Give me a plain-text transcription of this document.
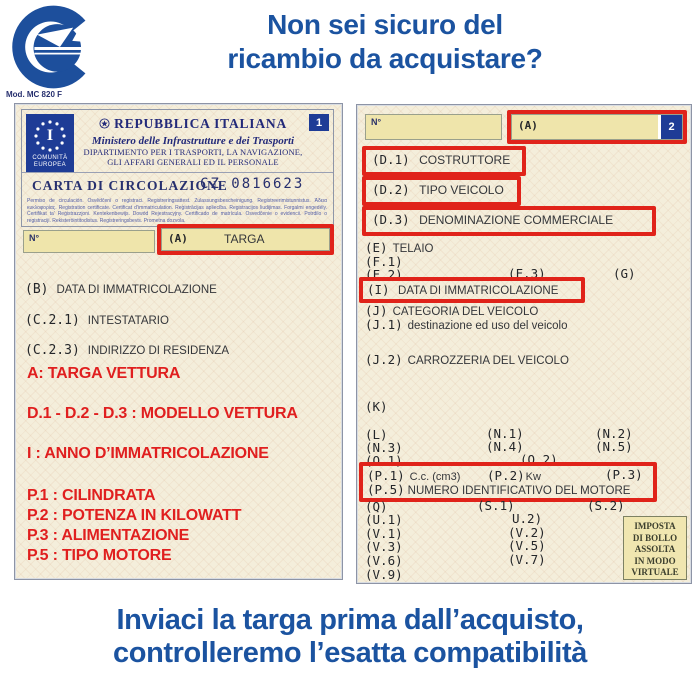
Non sei sicuro del
ricambio da acquistare?
Mod. MC 820 F
I
COMUNITÀ
EUROPEA
1
REPUBBLICA ITALIANA
Ministero delle Infrastrutture e dei Trasporti
DIPARTIMENTO PER I TRASPORTI, LA NAVIGAZIONE,
GLI AFFARI GENERALI ED IL PERSONALE
CARTA DI CIRCOLAZIONE
CZ 0816623
Permiso de circulación. Osvědčení o registraci. Registreringsattest. Zulassungsbescheinigung. Registreerimistunnistus. Άδεια κυκλοφορίας. Registration certificate. Certificat d’immatriculation. Reģistrācijas apliecība. Registracijos liudijimas. Forgalmi engedély. Ċertifikat ta’ Reġistrazzjoni. Kentekenbewijs. Dowód Rejestracyjny. Certificado de matrícula. Osvedčenie o evidencii. Potrdilo o registraciji. Rekisteröintitodistus. Registreringsbevis. Prometna dozvola.
N°	(A)	TARGA
(B) DATA DI IMMATRICOLAZIONE
(C.2.1) INTESTATARIO
(C.2.3) INDIRIZZO DI RESIDENZA
A: TARGA VETTURA
D.1 - D.2 - D.3 : MODELLO VETTURA
I : ANNO D’IMMATRICOLAZIONE
P.1 : CILINDRATA
P.2 : POTENZA IN KILOWATT
P.3 : ALIMENTAZIONE
P.5 : TIPO MOTORE
N°	(A)	2
(D.1) COSTRUTTORE
(D.2) TIPO VEICOLO
(D.3) DENOMINAZIONE COMMERCIALE
(E) TELAIO
(F.1)
(F.2)	(F.3)	(G)
(I) DATA DI IMMATRICOLAZIONE
(J) CATEGORIA DEL VEICOLO
(J.1) destinazione ed uso del veicolo
(J.2) CARROZZERIA DEL VEICOLO
(K)
(L)	(N.1)	(N.2)
(N.3)	(N.4)	(N.5)
(O.1)	(O.2)
(P.1) C.c. (cm3) (P.2)Kw	(P.3)
(P.5) NUMERO IDENTIFICATIVO DEL MOTORE
(Q)	(S.1)	(S.2)
(U.1)	U.2)
(V.1)	(V.2)
(V.3)	(V.5)
(V.6)	(V.7)
(V.9)
IMPOSTA
DI BOLLO
ASSOLTA
IN MODO
VIRTUALE
Inviaci la targa prima dall’acquisto,
controlleremo l’esatta compatibilità
